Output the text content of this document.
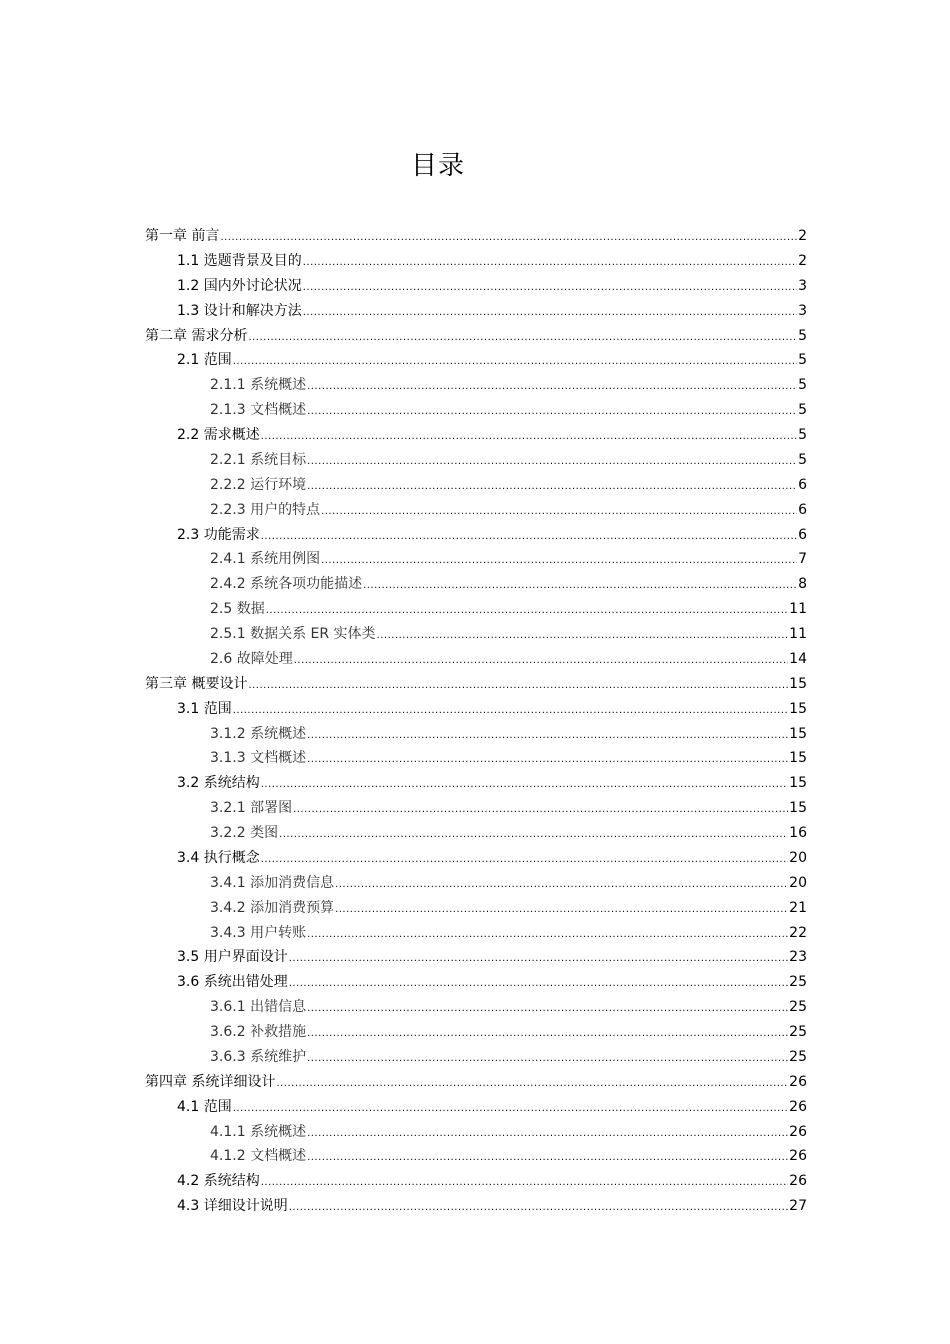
目录
第一章 前言 .....	2
1.1 选题背景及目的 .....	2
1.2 国内外讨论状况 .....	3
1.3 设计和解决方法 .....	3
第二章 需求分析 .....	5
2.1 范围 .....	5
2.1.1 系统概述 .....	5
2.1.3 文档概述 .....	5
2.2 需求概述 .....	5
2.2.1 系统目标 .....	5
2.2.2 运行环境 .....	6
2.2.3 用户的特点 .....	6
2.3 功能需求 .....	6
2.4.1 系统用例图 .....	7
2.4.2 系统各项功能描述 .....	8
2.5 数据 .....	11
2.5.1 数据关系 ER 实体类 .....	11
2.6 故障处理 .....	14
第三章 概要设计 .....	15
3.1 范围 .....	15
3.1.2 系统概述 .....	15
3.1.3 文档概述 .....	15
3.2 系统结构 .....	15
3.2.1 部署图 .....	15
3.2.2 类图 .....	16
3.4 执行概念 .....	20
3.4.1 添加消费信息 .....	20
3.4.2 添加消费预算 .....	21
3.4.3 用户转账 .....	22
3.5 用户界面设计 .....	23
3.6 系统出错处理 .....	25
3.6.1 出错信息 .....	25
3.6.2 补救措施 .....	25
3.6.3 系统维护 .....	25
第四章 系统详细设计 .....	26
4.1 范围 .....	26
4.1.1 系统概述 .....	26
4.1.2 文档概述 .....	26
4.2 系统结构 .....	26
4.3 详细设计说明 .....	27
